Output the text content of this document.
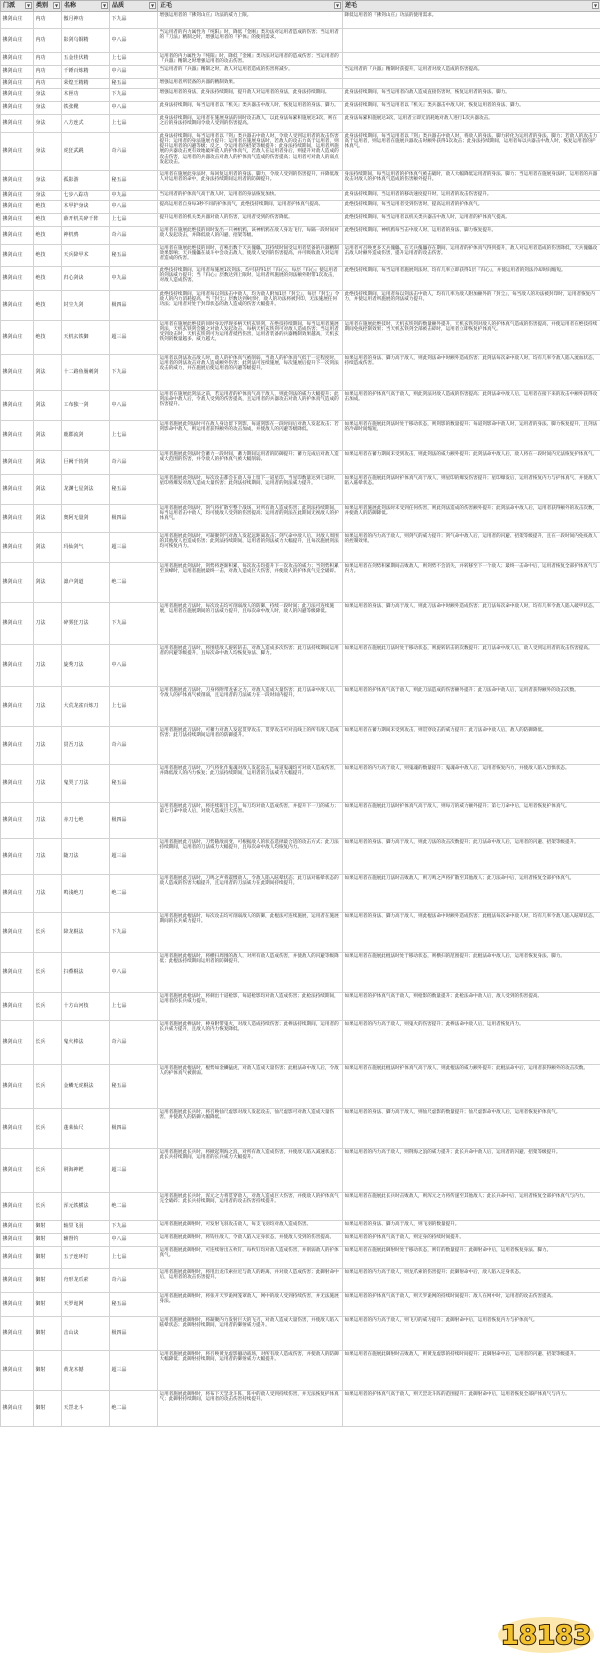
门派 ▼	类别 ▼	名称 ▼	品质 ▼	正毛 ▼	逆毛 ▼

拂剑山庄	内功	傲月神功	下九品	增强运用者的『拂剑山庄』功法的威力上限。	降低运用者的『拂剑山庄』功法的使用需求。
拂剑山庄	内功	影剑乌铜精	中八品	当运用者的内力属性为『纯阳』时，降低『金刚』类功法对运用者造成的伤害；当运用者的『刀法』精制之时，增强运用者的『护体』的使用需求。	
拂剑山庄	内功	五金佳伏精	上七品	运用者的内力属性为『纯阳』时，降低『金刚』类功法对运用者的造成伤害；当运用者的『兵器』精制之时增强运用者的攻击伤害。	
拂剑山庄	内功	千锤百炼精	中六品	当运用者的『兵器』精制之时，敌人对运用者造成的伤害将减少。	当运用者的『兵器』精制时获提升，运用者对敌人造成的伤害提高。
拂剑山庄	内功	荣煌王精精	秘五品	增强运用者所装备的兵器的精制效果。	
拂剑山庄	身法	木匣功	下九品	增强运用者的身法，此身法持续期间，提升敌人对运用者的身法，此身法持续期间。	此身法持续期间，每当运用者向敌人造成直接伤害时，恢复运用者的身法、脚力。
拂剑山庄	身法	铁张靴	中八品	此身法持续期间，每当运用者以『机关』类兵器击中敌人时，恢复运用者的身法、脚力。	此身法持续期间，每当运用者以『机关』类兵器击中敌人时，恢复运用者的身法、脚力。
拂剑山庄	身法	八方连式	上七品	此身法持续期间，运用者在施展身法的同时攻击敌人，以此身法每累积施展达3次，则在之后的身法持续期间令敌人受到的伤害提高。	此身法每累积施展达3次，运用者立即无消耗地对敌人进行1次兵器攻击。
拂剑山庄	身法	虎狂武跳	奇六品	此身法持续期间，每当运用者以『剑』类兵器击中敌人时，令敌人受到运用者的攻击伤害提升；运用者的身法施展力提升；运用者在施展身法时，若敌人的攻击力高于运用者，则提升运用者的闪避等级；反之，令运用者的招架等级提升；此身法持续期间，运用者所施展的兵器攻击更有效地破坏敌人的护体真气，若敌人在运用者身后，则提升对敌人造成的攻击伤害，运用者的兵器攻击对敌人的护体真气造成的伤害提高；运用者可对敌人的弱点发起攻击。	此身法持续期间，每当运用者以『剑』类兵器击中敌人时，将敌人的身法、脚力转化为运用者的身法、脚力；若敌人的攻击力高于运用者，则运用者在施展兵器攻击时额外获得1次攻击；此身法持续期间，运用者每以兵器击中敌人时，恢复运用者的护体真气。
拂剑山庄	身法	孤影游	秘五品	运用者在施展此身法时，每回复运用者的身法、脚力，令敌人受到的伤害提升，并降低敌人对运用者的命中，此身法持续期间运用者的防御提升。	身法持续期间，每当运用者的护体真气被击破时，敌人大幅降低运用者的身法、脚力；当运用者在施展身法时，运用者的兵器攻击对敌人的护体真气造成的伤害额外提升。
拂剑山庄	身法	七步八踪功	中九品	当运用者的护体真气高于敌人时，运用者的身法恢复加快。	此身法持续期间，当运用者的移动速度提升时，运用者的攻击伤害提升。
拂剑山庄	绝技	木甲护身诀	中八品	提高运用者自身每3秒不同的护体真气，此绝技持续期间，运用者护体真气提高。	此绝技持续期间，每当运用者受到伤害时，提高运用者的护体真气。
拂剑山庄	绝技	薛开机关碎千阵	上七品	提升运用者的机关类兵器对敌人的伤害，运用者受到的伤害降低。	此绝技持续期间，每当运用者以机关类兵器击中敌人时，运用者的护体真气提高。
拂剑山庄	绝技	神机鸦	奇六品	运用者在施展此绝技的同时发出一只神机鸦，该神机鸦在敌人身边飞行，每隔一段时间对敌人发起攻击，并降低敌人的闪避、招架等级。	此绝技持续期间，神机鸦每当击中敌人时，运用者的身法、脚力恢复提升。
拂剑山庄	绝技	天兵降甲术	秘五品	运用者在施展此绝技的同时，召唤出数个天兵傀儡，其持续时间受运用者装备的兵器精制效果影响；天兵傀儡在战斗中会攻击敌人，使敌人受到的伤害提高，并可吸收敌人对运用者造成的伤害。	运用者可召唤更多天兵傀儡，在天兵傀儡存在期间，运用者的护体真气得到提升，敌人对运用者造成的伤害降低，天兵傀儡攻击敌人时额外造成伤害，提升运用者的攻击伤害。
拂剑山庄	绝技	归心剑诀	中九品	此绝技持续期间，运用者每施展1次剑法，均可获得1层『归心』，每层『归心』使运用者的剑法威力提升；当『归心』层数达到上限时，运用者所施展的剑法额外附带1次攻击，对敌人造成伤害。	此绝技持续期间，每当运用者施展剑法时，均有几率立即获得1层『归心』，并使运用者的剑法冷却时间缩短。
拂剑山庄	绝技	封尘九剑	极四品	此绝技持续期间，运用者每以剑法击中敌人，均为敌人附加1层『封尘』，每层『封尘』令敌人的内力消耗提高，当『封尘』层数达到9层时，敌人的功法将被封印，无法施展任何功法；运用者对处于封印状态的敌人造成的伤害大幅提升。	此绝技持续期间，运用者每以剑法击中敌人，均有几率为敌人附加额外的『封尘』，每当敌人的功法被封印时，运用者恢复内力，并使运用者所施展的剑法威力提升。
拂剑山庄	绝技	天机玄铁御	超三品	运用者在施展此绝技的同时身边浮现多柄天机玄铁剑，在绝技持续期间，每当运用者施展剑法，天机玄铁剑会随之对敌人发起攻击，每柄天机玄铁剑可对敌人造成伤害；当运用者受到攻击时，天机玄铁剑可为运用者抵挡伤害，运用者装备的兵器精制效果越高，天机玄铁剑的数量越多、威力越大。	运用者在施展此绝技时，天机玄铁剑的数量额外提升，天机玄铁剑对敌人的护体真气造成的伤害提高，并使运用者在绝技持续期间免疫控制效果；当天机玄铁剑全部被击碎时，运用者立即恢复护体真气。
拂剑山庄	剑法	十二路鱼肠刺剑	下九品	运用者以剑法攻击敌人时，敌人的护体真气被削弱，当敌人的护体真气低于一定程度时，运用者的剑法攻击对敌人造成额外伤害；此剑法可连续施展，每次施展后提升下一次剑法攻击的威力，并在施展后使运用者的闪避等级提升。	如果运用者的身法、脚力高于敌人，则此剑法命中时额外造成伤害；此剑法每次命中敌人时，均有几率令敌人陷入流血状态，持续造成伤害。
拂剑山庄	剑法	工布独一剑	中八品	运用者在施展此剑法之前，若运用者的护体真气高于敌人，则此剑法的威力大幅提升；此剑法命中敌人后，令敌人受到的伤害提高，且运用者的兵器攻击对敌人的护体真气造成的伤害提升。	如果运用者的护体真气高于敌人，则此剑法对敌人造成的伤害提高；此剑法命中敌人后，运用者在接下来的攻击中额外获得攻击加成。
拂剑山庄	剑法	鹿郡流剑	上七品	运用者施展此剑法时可在敌人身边留下剑影，每道剑影在一段时间后对敌人发起攻击；若剑影命中敌人，则运用者获得额外的攻击加成，并使敌人的闪避等级降低。	如果运用者在施展此剑法时处于移动状态，则剑影的数量提升；每道剑影命中敌人时，运用者的身法、脚力恢复提升，且剑法的冷却时间缩短。
拂剑山庄	剑法	巨阙千钧剑	奇六品	运用者施展此剑法时会蓄力一段时间，蓄力期间运用者的防御提升；蓄力完成后对敌人造成大范围的伤害，并令敌人的护体真气被大幅削弱。	如果运用者在蓄力期间未受到攻击，则此剑法的威力额外提升；此剑法命中敌人后，敌人将在一段时间内无法恢复护体真气。
拂剑山庄	剑法	龙渊七星剑法	秘五品	运用者施展此剑法时，每次攻击都会在敌人身上留下一道星印，当星印数量达到七道时，星印将爆发对敌人造成大量伤害；此剑法持续期间，运用者的剑法威力提升。	如果运用者在施展此剑法时护体真气高于敌人，则星印的爆发伤害提升；星印爆发后，运用者恢复内力与护体真气，并使敌人陷入眩晕状态。
拂剑山庄	剑法	奥阿无量剑	极四品	运用者施展此剑法时，剑气将扩散至整个战场，对所有敌人造成伤害；此剑法持续期间，每当运用者击中敌人，均可使敌人受到的伤害提高；运用者的剑法在此期间无视敌人的护体真气。	如果运用者施展此剑法时未受到任何伤害，则此剑法造成的伤害额外提升；此剑法命中敌人后，运用者获得额外的攻击次数，并使敌人的防御降低。
拂剑山庄	剑法	玛仙剑气	超三品	运用者施展此剑法时，可凝聚剑气对敌人发起远距离攻击；剑气命中敌人后，对敌人周围的其他敌人也造成伤害；此剑法持续期间，运用者的剑法威力大幅提升，且每次施展剑法均可恢复内力。	如果运用者的内力高于敌人，则剑气的威力提升；剑气命中敌人后，运用者的闪避、招架等级提升，且在一段时间内免疫敌人的控制效果。
拂剑山庄	剑法	凛卢剑道	绝二品	运用者施展此剑法时，剑势将逐渐积累，每次攻击均提升下一次攻击的威力；当剑势积累至顶峰时，运用者施展最终一击，对敌人造成巨大伤害，并使敌人的护体真气完全破碎。	如果运用者在剑势积累期间击败敌人，则剑势不会消失，并转移至下一个敌人；最终一击命中后，运用者恢复全部护体真气与内力。
拂剑山庄	刀法	碎雾狂刀法	下九品	运用者施展此刀法时，每次攻击均可削弱敌人的防御，持续一段时间；此刀法可连续施展，运用者在施展期间的刀法威力提升，且每次命中敌人时，敌人的闪避等级降低。	如果运用者的身法、脚力高于敌人，则此刀法命中时额外造成伤害；此刀法每次命中敌人时，均有几率令敌人陷入破甲状态。
拂剑山庄	刀法	旋秀刀法	中八品	运用者施展此刀法时，将围绕敌人旋转斩击，对敌人造成多次伤害；此刀法持续期间运用者的闪避等级提升，且每次命中敌人均恢复身法、脚力。	如果运用者在施展此刀法时处于移动状态，则旋转斩击的次数提升；此刀法命中敌人后，敌人受到运用者的攻击伤害提高。
拂剑山庄	刀法	大荒龙雀百炼刀	上七品	运用者施展此刀法时，刀身将附带龙雀之力，对敌人造成大量伤害；此刀法命中敌人后，令敌人的护体真气被削弱，且运用者的刀法威力在一段时间内提升。	如果运用者的护体真气高于敌人，则此刀法造成的伤害额外提升；此刀法命中敌人后，运用者获得额外的攻击次数。
拂剑山庄	刀法	贯吾刀法	奇六品	运用者施展此刀法时，可蓄力对敌人发起贯穿攻击，贯穿攻击可对直线上的所有敌人造成伤害；此刀法持续期间运用者的防御提升。	如果运用者在蓄力期间未受到攻击，则贯穿攻击的威力提升；此刀法命中敌人后，敌人的防御降低。
拂剑山庄	刀法	鬼哭了刀法	秘五品	运用者施展此刀法时，刀气将化作鬼魂对敌人发起攻击，每道鬼魂均可对敌人造成伤害，并降低敌人的内力恢复；此刀法持续期间，运用者的刀法威力大幅提升。	如果运用者的内力高于敌人，则鬼魂的数量提升；鬼魂命中敌人后，运用者恢复内力，并使敌人陷入恐惧状态。
拂剑山庄	刀法	赤刀七绝	极四品	运用者施展此刀法时，将连续斩出七刀，每刀均对敌人造成伤害，并提升下一刀的威力；第七刀命中敌人后，对敌人造成巨大伤害。	如果运用者在施展此刀法时护体真气高于敌人，则每刀的威力额外提升；第七刀命中后，运用者恢复护体真气。
拂剑山庄	刀法	随刀法	超三品	运用者施展此刀法时，刀势随敌而变，可根据敌人的状态选择最合适的攻击方式；此刀法持续期间，运用者的刀法威力大幅提升，且每次命中敌人均恢复内力。	如果运用者的身法、脚力高于敌人，则此刀法的攻击次数提升；此刀法命中敌人后，运用者的闪避、招架等级提升。
拂剑山庄	刀法	鸣浅绝刀	绝二品	运用者施展此刀法时，刀鸣之声将震慑敌人，令敌人陷入眩晕状态；此刀法对眩晕状态的敌人造成的伤害大幅提升，且运用者的刀法威力在此期间持续提升。	如果运用者在施展此刀法时击败敌人，则刀鸣之声将扩散至其他敌人；此刀法命中后，运用者恢复全部护体真气。
拂剑山庄	长兵	降龙棍法	下九品	运用者施展此棍法时，每次攻击均可削弱敌人的防御，此棍法可连续施展，运用者在施展期间的长兵威力提升。	如果运用者的身法、脚力高于敌人，则此棍法命中时额外造成伤害；此棍法每次命中敌人时，均有几率令敌人陷入眩晕状态。
拂剑山庄	长兵	扫叠棍法	中八品	运用者施展此棍法时，将横扫周围的敌人，对所有敌人造成伤害，并使敌人的闪避等级降低；此棍法持续期间运用者的防御提升。	如果运用者在施展此棍法时处于移动状态，则横扫的范围提升；此棍法命中敌人后，运用者恢复身法、脚力。
拂剑山庄	长兵	十方山河枝	上七品	运用者施展此枪法时，将刺出十道枪影，每道枪影均对敌人造成伤害；此枪法持续期间，运用者的长兵威力提升。	如果运用者的护体真气高于敌人，则枪影的数量提升；此枪法命中敌人后，敌人受到的伤害提高。
拂剑山庄	长兵	鬼火棒法	奇六品	运用者施展此棒法时，棒身附带鬼火，对敌人造成持续伤害；此棒法持续期间，运用者的长兵威力提升，且敌人的内力恢复降低。	如果运用者的内力高于敌人，则鬼火的伤害提升；此棒法命中敌人后，运用者恢复内力。
拂剑山庄	长兵	金鳞无虎棍法	秘五品	运用者施展此棍法时，棍势如金鳞猛虎，对敌人造成大量伤害；此棍法命中敌人后，令敌人的护体真气被削弱。	如果运用者在施展此棍法时护体真气高于敌人，则此棍法的威力额外提升；此棍法命中后，运用者获得额外的攻击次数。
拂剑山庄	长兵	蓬莱仙尺	极四品	运用者施展此长兵时，将召唤仙尺虚影对敌人发起攻击，仙尺虚影可对敌人造成大量伤害，并使敌人的防御大幅降低。	如果运用者的身法、脚力高于敌人，则仙尺虚影的数量提升；仙尺虚影命中敌人后，运用者恢复护体真气。
拂剑山庄	长兵	荆海神耙	超三品	运用者施展此长兵时，将掀起荆海之浪，对所有敌人造成伤害，并使敌人陷入减速状态；此长兵持续期间，运用者的长兵威力大幅提升。	如果运用者的内力高于敌人，则荆海之浪的威力提升；此长兵命中敌人后，运用者的闪避、招架等级提升。
拂剑山庄	长兵	浑元铁横法	绝二品	运用者施展此长兵时，浑元之力将贯穿敌人，对敌人造成巨大伤害，并使敌人的护体真气完全破碎；此长兵持续期间，运用者的攻击伤害持续提升。	如果运用者在施展此长兵时击败敌人，则浑元之力将传递至其他敌人；此长兵命中后，运用者恢复全部护体真气与内力。
拂剑山庄	御射	轴里飞羽	下九品	运用者施展此御射时，可发射飞羽攻击敌人，每支飞羽均对敌人造成伤害。	如果运用者的身法、脚力高于敌人，则飞羽的数量提升。
拂剑山庄	御射	辅督钓	中八品	运用者施展此御射时，将钩住敌人，令敌人陷入定身状态，并使敌人受到的伤害提高。	如果运用者的护体真气高于敌人，则定身的持续时间提升。
拂剑山庄	御射	五子连环钉	上七品	运用者施展此御射时，可连续射出五枚钉，每枚钉均对敌人造成伤害，并削弱敌人的护体真气。	如果运用者在施展此御射时处于移动状态，则钉的数量提升；此御射命中后，运用者恢复身法、脚力。
拂剑山庄	御射	舟形龙爪索	奇六品	运用者施展此御射时，将甩出龙爪索拉近与敌人的距离，并对敌人造成伤害；此御射命中后，运用者的攻击伤害提升。	如果运用者的内力高于敌人，则龙爪索的伤害提升；此御射命中后，敌人陷入定身状态。
拂剑山庄	御射	天罗诡网	秘五品	运用者施展此御射时，将张开天罗诡网笼罩敌人，网中的敌人受到持续伤害，并无法施展身法。	如果运用者的护体真气高于敌人，则天罗诡网的持续时间提升；敌人在网中时，运用者的攻击伤害提高。
拂剑山庄	御射	击山诀	极四品	运用者施展此御射时，将凝聚内力发射巨大的飞刃，对敌人造成大量伤害，并使敌人陷入眩晕状态；此御射持续期间，运用者的御射威力提升。	如果运用者的内力高于敌人，则飞刃的威力提升；此御射命中后，运用者恢复内力与护体真气。
拂剑山庄	御射	黄龙木撼	超三品	运用者施展此御射时，将召唤黄龙虚影撼动战场，对所有敌人造成伤害，并使敌人的防御大幅降低；此御射持续期间，运用者的御射威力大幅提升。	如果运用者在施展此御射时击败敌人，则黄龙虚影的持续时间提升；此御射命中后，运用者的闪避、招架等级提升。
拂剑山庄	御射	天罡北斗	绝二品	运用者施展此御射时，将布下天罡北斗阵，阵中的敌人受到持续伤害，并无法恢复护体真气；此御射持续期间，运用者的攻击伤害持续提升。	如果运用者的护体真气高于敌人，则天罡北斗阵的范围提升；此御射命中后，运用者恢复全部护体真气与内力。
18183
